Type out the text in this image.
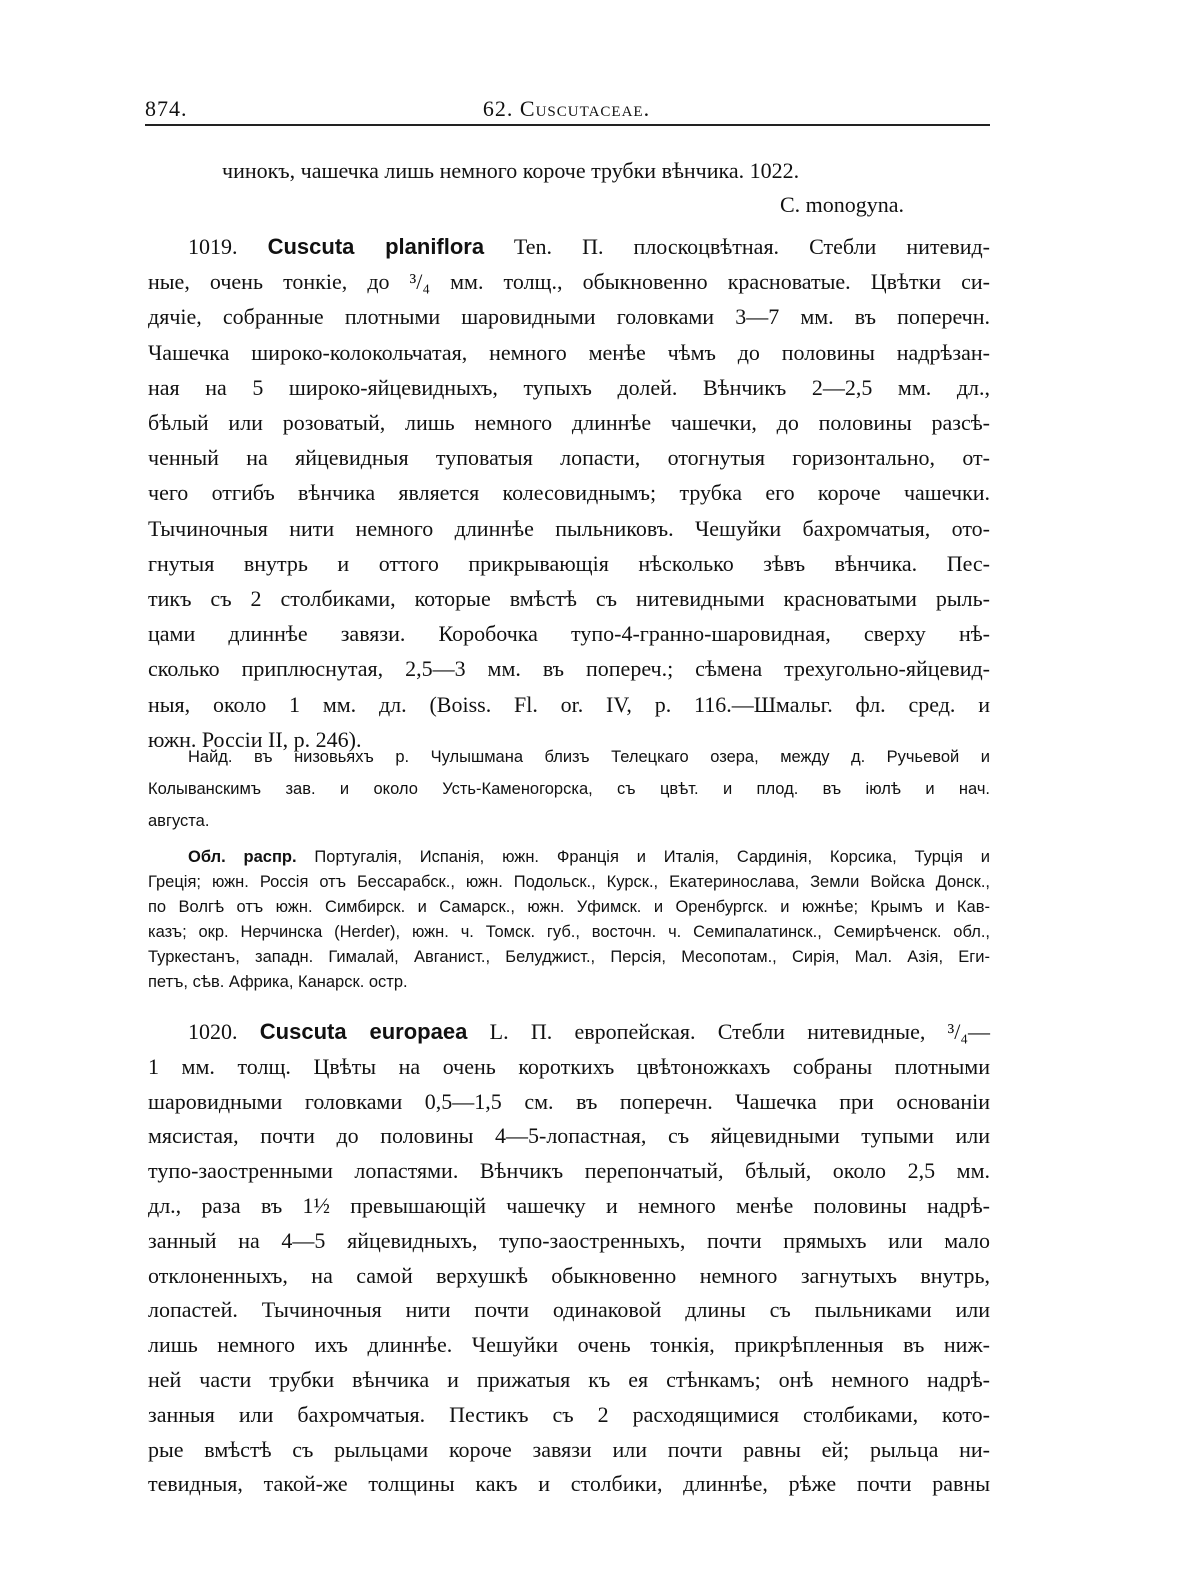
874.	62. Cuscutaceae.
чинокъ, чашечка лишь немного короче трубки вѣнчика. 1022.
C. monogyna.
1019. Cuscuta planiflora Ten. П. плоскоцвѣтная. Стебли нитевид-
ные, очень тонкіе, до ³/₄ мм. толщ., обыкновенно красноватые. Цвѣтки си-
дячіе, собранные плотными шаровидными головками 3—7 мм. въ поперечн.
Чашечка широко-колокольчатая, немного менѣе чѣмъ до половины надрѣзан-
ная на 5 широко-яйцевидныхъ, тупыхъ долей. Вѣнчикъ 2—2,5 мм. дл.,
бѣлый или розоватый, лишь немного длиннѣе чашечки, до половины разсѣ-
ченный на яйцевидныя туповатыя лопасти, отогнутыя горизонтально, от-
чего отгибъ вѣнчика является колесовиднымъ; трубка его короче чашечки.
Тычиночныя нити немного длиннѣе пыльниковъ. Чешуйки бахромчатыя, ото-
гнутыя внутрь и оттого прикрывающія нѣсколько зѣвъ вѣнчика. Пес-
тикъ съ 2 столбиками, которые вмѣстѣ съ нитевидными красноватыми рыль-
цами длиннѣе завязи. Коробочка тупо-4-гранно-шаровидная, сверху нѣ-
сколько приплюснутая, 2,5—3 мм. въ попереч.; сѣмена трехугольно-яйцевид-
ныя, около 1 мм. дл. (Boiss. Fl. or. IV, p. 116.—Шмальг. фл. сред. и
южн. Россіи II, p. 246).
Найд. въ низовьяхъ р. Чулышмана близъ Телецкаго озера, между д. Ручьевой и
Колыванскимъ зав. и около Усть-Каменогорска, съ цвѣт. и плод. въ іюлѣ и нач.
августа.
Обл. распр. Португалія, Испанія, южн. Франція и Италія, Сардинія, Корсика, Турція и
Греція; южн. Россія отъ Бессарабск., южн. Подольск., Курск., Екатеринослава, Земли Войска Донск.,
по Волгѣ отъ южн. Симбирск. и Самарск., южн. Уфимск. и Оренбургск. и южнѣе; Крымъ и Кав-
казъ; окр. Нерчинска (Herder), южн. ч. Томск. губ., восточн. ч. Семипалатинск., Семирѣченск. обл.,
Туркестанъ, западн. Гималай, Авганист., Белуджист., Персія, Месопотам., Сирія, Мал. Азія, Еги-
петъ, сѣв. Африка, Канарск. остр.
1020. Cuscuta europaea L. П. европейская. Стебли нитевидные, ³/₄—
1 мм. толщ. Цвѣты на очень короткихъ цвѣтоножкахъ собраны плотными
шаровидными головками 0,5—1,5 см. въ поперечн. Чашечка при основаніи
мясистая, почти до половины 4—5-лопастная, съ яйцевидными тупыми или
тупо-заостренными лопастями. Вѣнчикъ перепончатый, бѣлый, около 2,5 мм.
дл., раза въ 1½ превышающій чашечку и немного менѣе половины надрѣ-
занный на 4—5 яйцевидныхъ, тупо-заостренныхъ, почти прямыхъ или мало
отклоненныхъ, на самой верхушкѣ обыкновенно немного загнутыхъ внутрь,
лопастей. Тычиночныя нити почти одинаковой длины съ пыльниками или
лишь немного ихъ длиннѣе. Чешуйки очень тонкія, прикрѣпленныя въ ниж-
ней части трубки вѣнчика и прижатыя къ ея стѣнкамъ; онѣ немного надрѣ-
занныя или бахромчатыя. Пестикъ съ 2 расходящимися столбиками, кото-
рые вмѣстѣ съ рыльцами короче завязи или почти равны ей; рыльца ни-
тевидныя, такой-же толщины какъ и столбики, длиннѣе, рѣже почти равны
